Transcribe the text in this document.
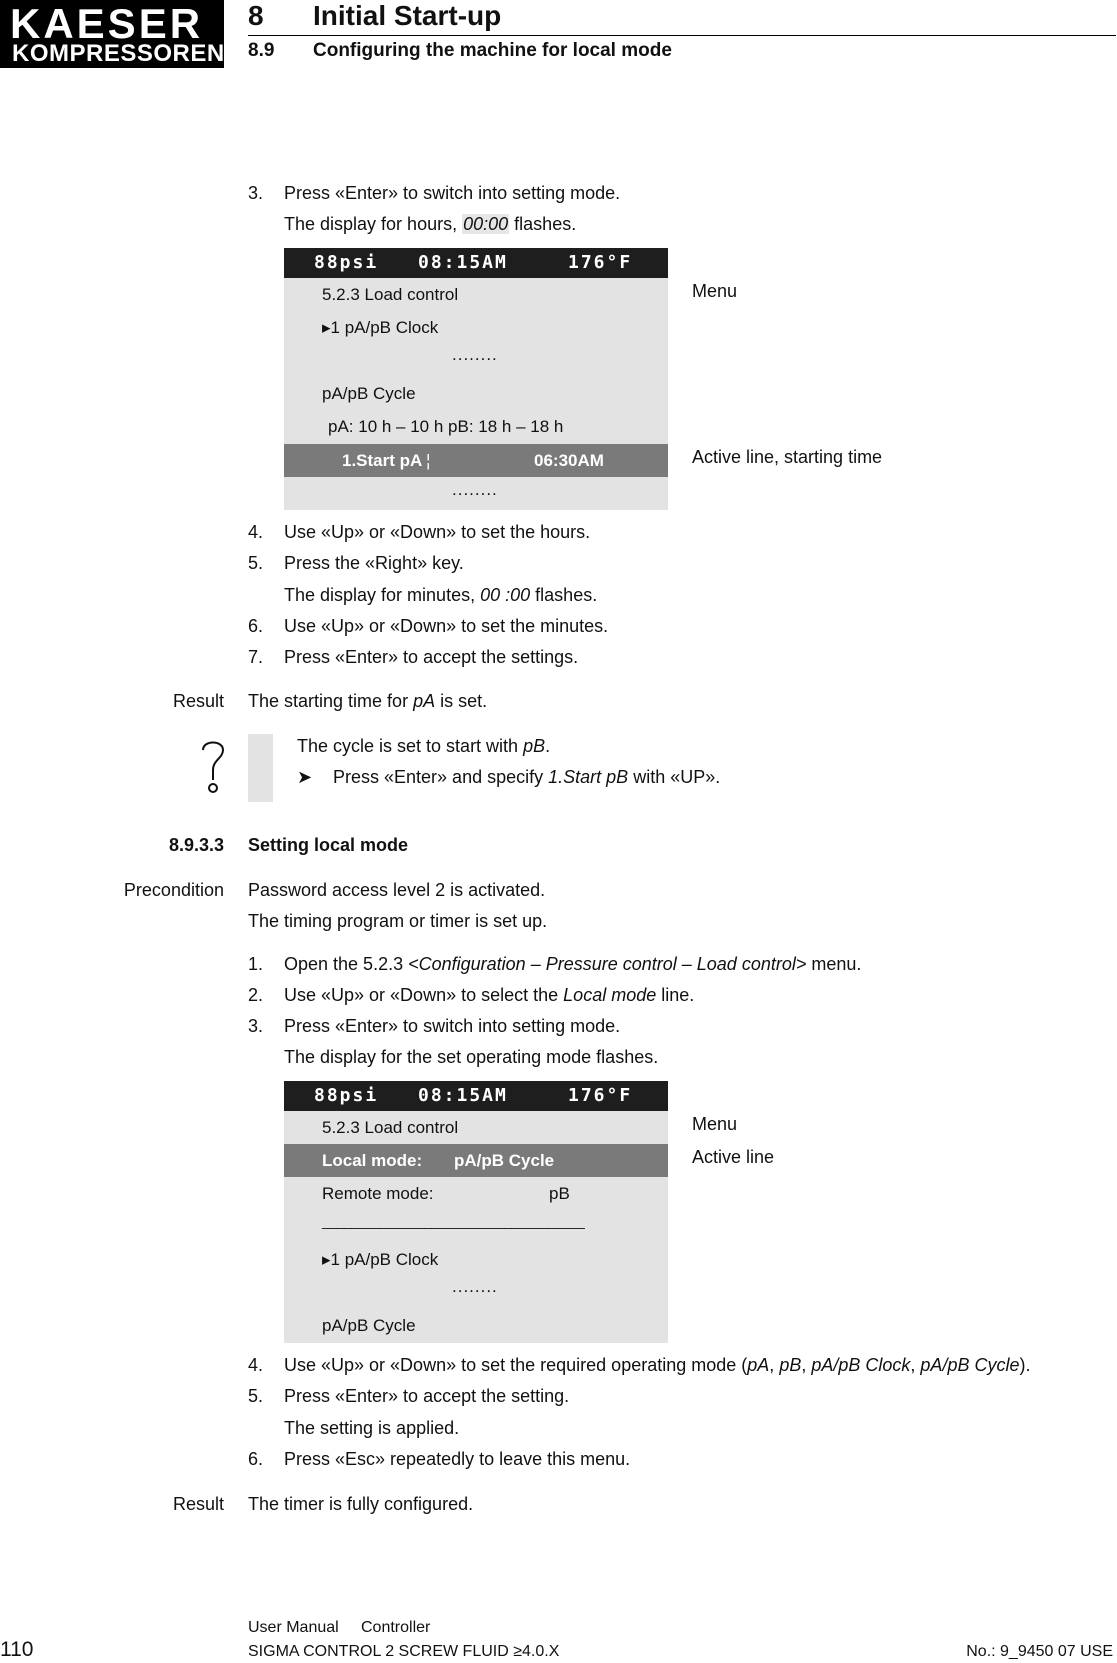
KAESER
KOMPRESSOREN
8 Initial Start-up
8.9 Configuring the machine for local mode
3. Press «Enter» to switch into setting mode.
The display for hours, 00:00 flashes.
88psi 08:15AM	176°F
5.2.3 Load control
▸1 pA/pB Clock
........
pA/pB Cycle
pA: 10 h – 10 h pB: 18 h – 18 h
1.Start pA ¦	06:30AM
........
Menu
Active line, starting time
4. Use «Up» or «Down» to set the hours.
5. Press the «Right» key.
The display for minutes, 00 :00 flashes.
6. Use «Up» or «Down» to set the minutes.
7. Press «Enter» to accept the settings.
Result The starting time for pA is set.
The cycle is set to start with pB.
➤ Press «Enter» and specify 1.Start pB with «UP».
8.9.3.3 Setting local mode
Precondition Password access level 2 is activated.
The timing program or timer is set up.
1. Open the 5.2.3 <Configuration – Pressure control – Load control> menu.
2. Use «Up» or «Down» to select the Local mode line.
3. Press «Enter» to switch into setting mode.
The display for the set operating mode flashes.
88psi 08:15AM	176°F
5.2.3 Load control
Local mode: pA/pB Cycle
Remote mode:	pB
____________________________________
▸1 pA/pB Clock
........
pA/pB Cycle
Menu
Active line
4. Use «Up» or «Down» to set the required operating mode (pA, pB, pA/pB Clock, pA/pB Cycle).
5. Press «Enter» to accept the setting.
The setting is applied.
6. Press «Esc» repeatedly to leave this menu.
Result The timer is fully configured.
110
User Manual Controller
SIGMA CONTROL 2 SCREW FLUID ≥4.0.X	No.: 9_9450 07 USE
